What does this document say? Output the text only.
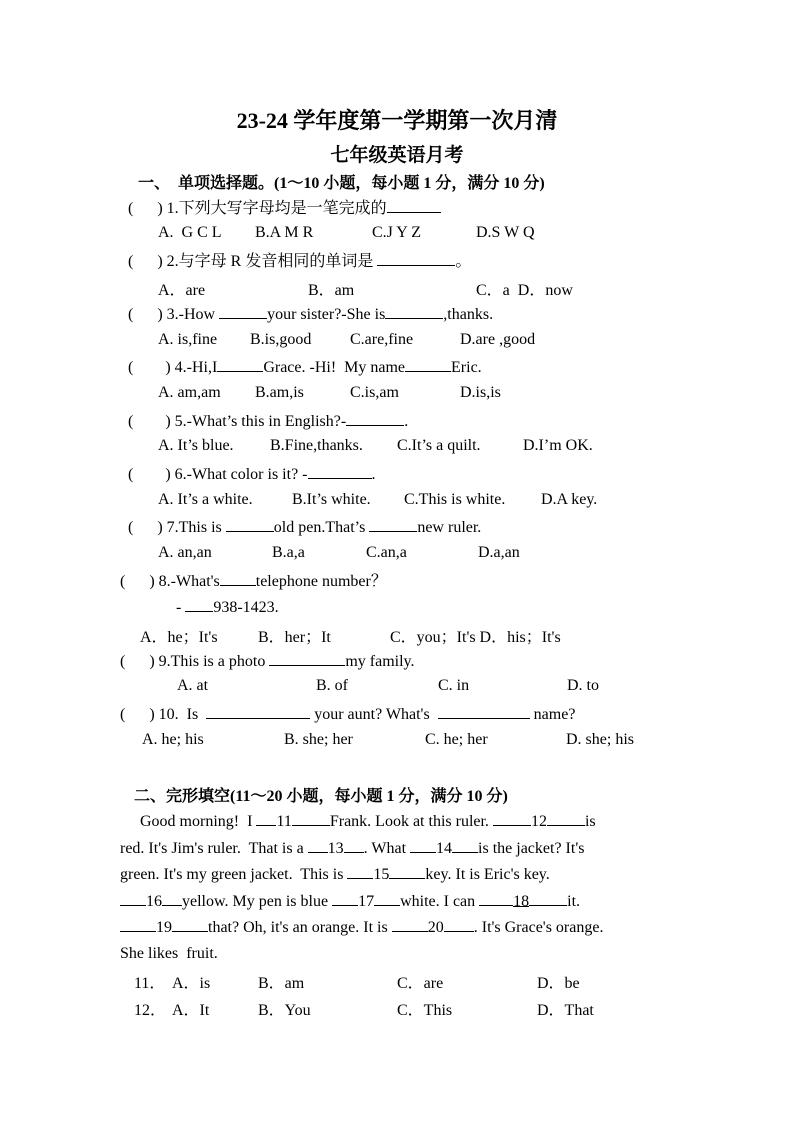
23-24 学年度第一学期第一次月清
七年级英语月考
一、 单项选择题。(1～10 小题，每小题 1 分，满分 10 分)
(      ) 1.下列大写字母均是一笔完成的
A.  G C L B.A M R	C.J Y Z	D.S W Q
(      ) 2.与字母 R 发音相同的单词是	。
A．are	B．am	C．a  D．now
(      ) 3.-How	your sister?-She is	,thanks.
A. is,fine B.is,good C.are,fine	D.are ,good
(        ) 4.-Hi,I	Grace. -Hi!  My name	Eric.
A. am,am B.am,is	C.is,am	D.is,is
(        ) 5.-What’s this in English?-	.
A. It’s blue. B.Fine,thanks. C.It’s a quilt.	D.I’m OK.
(        ) 6.-What color is it? -	.
A. It’s a white. B.It’s white. C.This is white. D.A key.
(      ) 7.This is	old pen.That’s	new ruler.
A. an,an	B.a,a	C.an,a	D.a,an
(      ) 8.-What's telephone number？
- 938-1423.
A．he；It's	B．her；It	C．you；It's D．his；It's
(      ) 9.This is a photo	my family.
A. at	B. of	C. in	D. to
(      ) 10.  Is	your aunt? What's	name?
A. he; his	B. she; her	C. he; her	D. she; his
二、完形填空(11～20 小题，每小题 1 分，满分 10 分)
Good morning!  I 11 Frank. Look at this ruler. 12 is
red. It's Jim's ruler.  That is a 13 . What 14 is the jacket? It's
green. It's my green jacket.  This is 15 key. It is Eric's key.
16 yellow. My pen is blue 17 white. I can 18 it.
19 that? Oh, it's an orange. It is 20 . It's Grace's orange.
She likes  fruit.
11． A．is	B．am	C．are	D．be
12． A．It	B．You	C．This	D．That
